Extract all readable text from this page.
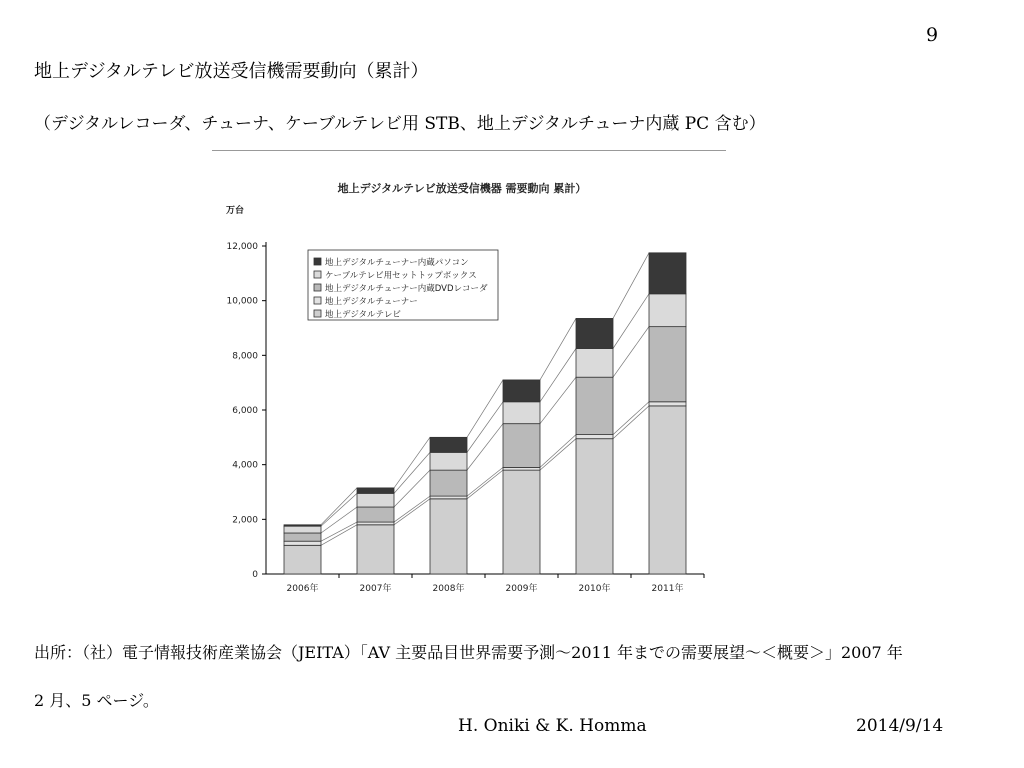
9
地上デジタルテレビ放送受信機需要動向（累計）
（デジタルレコーダ、チューナ、ケーブルテレビ用 STB、地上デジタルチューナ内蔵 PC 含む）
地上デジタルテレビ放送受信機器 需要動向 累計）
万台
2006年	2007年	2008年	2009年	2010年	2011年
0
2,000
4,000
6,000
8,000
10,000
12,000
地上デジタルチューナー内蔵パソコン
ケーブルテレビ用セットトップボックス
地上デジタルチューナー内蔵DVDレコーダ
地上デジタルチューナー
地上デジタルテレビ
出所：（社）電子情報技術産業協会（JEITA）「AV 主要品目世界需要予測〜2011 年までの需要展望〜＜概要＞」2007 年
2 月、5 ページ。
H. Oniki & K. Homma	2014/9/14
